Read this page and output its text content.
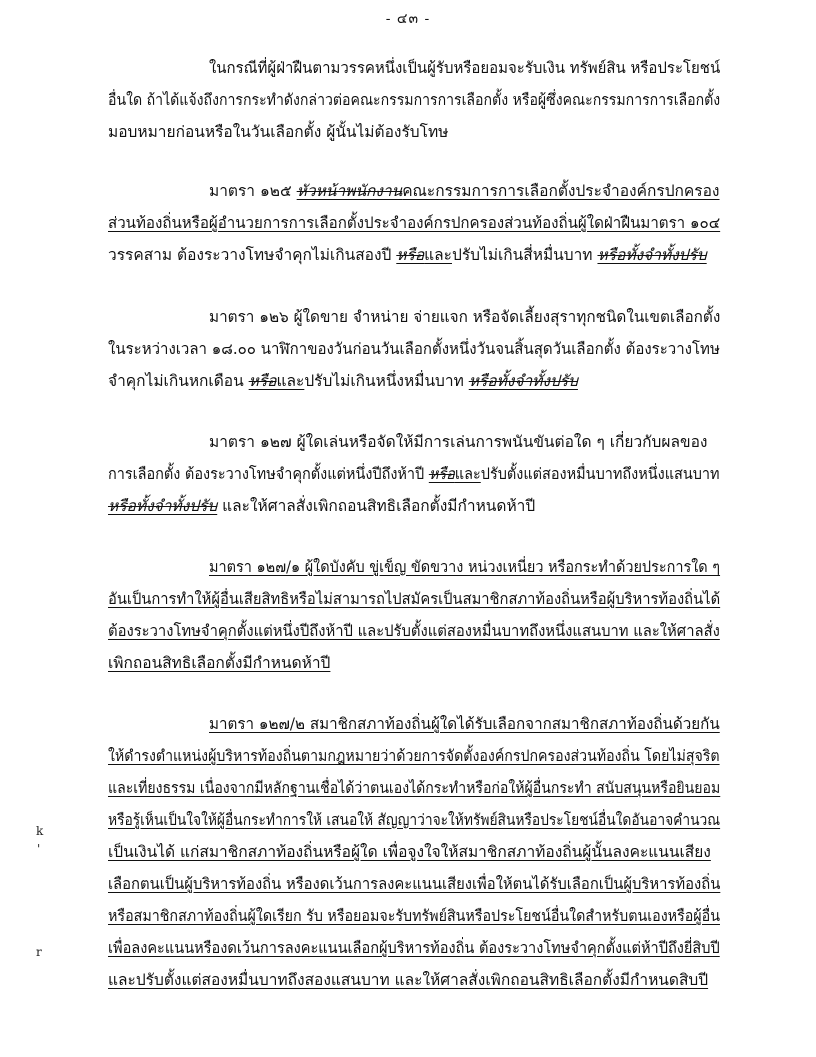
- ๔๓ -
ในกรณีที่ผู้ฝ่าฝืนตามวรรคหนึ่งเป็นผู้รับหรือยอมจะรับเงิน ทรัพย์สิน หรือประโยชน์
อื่นใด ถ้าได้แจ้งถึงการกระทำดังกล่าวต่อคณะกรรมการการเลือกตั้ง หรือผู้ซึ่งคณะกรรมการการเลือกตั้ง
มอบหมายก่อนหรือในวันเลือกตั้ง ผู้นั้นไม่ต้องรับโทษ
มาตรา ๑๒๕ หัวหน้าพนักงานคณะกรรมการการเลือกตั้งประจำองค์กรปกครอง
ส่วนท้องถิ่นหรือผู้อำนวยการการเลือกตั้งประจำองค์กรปกครองส่วนท้องถิ่นผู้ใดฝ่าฝืนมาตรา ๑๐๔
วรรคสาม ต้องระวางโทษจำคุกไม่เกินสองปี หรือและปรับไม่เกินสี่หมื่นบาท หรือทั้งจำทั้งปรับ
มาตรา ๑๒๖ ผู้ใดขาย จำหน่าย จ่ายแจก หรือจัดเลี้ยงสุราทุกชนิดในเขตเลือกตั้ง
ในระหว่างเวลา ๑๘.๐๐ นาฬิกาของวันก่อนวันเลือกตั้งหนึ่งวันจนสิ้นสุดวันเลือกตั้ง ต้องระวางโทษ
จำคุกไม่เกินหกเดือน หรือและปรับไม่เกินหนึ่งหมื่นบาท หรือทั้งจำทั้งปรับ
มาตรา ๑๒๗ ผู้ใดเล่นหรือจัดให้มีการเล่นการพนันขันต่อใด ๆ เกี่ยวกับผลของ
การเลือกตั้ง ต้องระวางโทษจำคุกตั้งแต่หนึ่งปีถึงห้าปี หรือและปรับตั้งแต่สองหมื่นบาทถึงหนึ่งแสนบาท
หรือทั้งจำทั้งปรับ และให้ศาลสั่งเพิกถอนสิทธิเลือกตั้งมีกำหนดห้าปี
มาตรา ๑๒๗/๑ ผู้ใดบังคับ ขู่เข็ญ ขัดขวาง หน่วงเหนี่ยว หรือกระทำด้วยประการใด ๆ
อันเป็นการทำให้ผู้อื่นเสียสิทธิหรือไม่สามารถไปสมัครเป็นสมาชิกสภาท้องถิ่นหรือผู้บริหารท้องถิ่นได้
ต้องระวางโทษจำคุกตั้งแต่หนึ่งปีถึงห้าปี และปรับตั้งแต่สองหมื่นบาทถึงหนึ่งแสนบาท และให้ศาลสั่ง
เพิกถอนสิทธิเลือกตั้งมีกำหนดห้าปี
มาตรา ๑๒๗/๒ สมาชิกสภาท้องถิ่นผู้ใดได้รับเลือกจากสมาชิกสภาท้องถิ่นด้วยกัน
ให้ดำรงตำแหน่งผู้บริหารท้องถิ่นตามกฎหมายว่าด้วยการจัดตั้งองค์กรปกครองส่วนท้องถิ่น โดยไม่สุจริต
และเที่ยงธรรม เนื่องจากมีหลักฐานเชื่อได้ว่าตนเองได้กระทำหรือก่อให้ผู้อื่นกระทำ สนับสนุนหรือยินยอม
หรือรู้เห็นเป็นใจให้ผู้อื่นกระทำการให้ เสนอให้ สัญญาว่าจะให้ทรัพย์สินหรือประโยชน์อื่นใดอันอาจคำนวณ
เป็นเงินได้ แก่สมาชิกสภาท้องถิ่นหรือผู้ใด เพื่อจูงใจให้สมาชิกสภาท้องถิ่นผู้นั้นลงคะแนนเสียง
เลือกตนเป็นผู้บริหารท้องถิ่น หรืองดเว้นการลงคะแนนเสียงเพื่อให้ตนได้รับเลือกเป็นผู้บริหารท้องถิ่น
หรือสมาชิกสภาท้องถิ่นผู้ใดเรียก รับ หรือยอมจะรับทรัพย์สินหรือประโยชน์อื่นใดสำหรับตนเองหรือผู้อื่น
เพื่อลงคะแนนหรืองดเว้นการลงคะแนนเลือกผู้บริหารท้องถิ่น ต้องระวางโทษจำคุกตั้งแต่ห้าปีถึงยี่สิบปี
และปรับตั้งแต่สองหมื่นบาทถึงสองแสนบาท และให้ศาลสั่งเพิกถอนสิทธิเลือกตั้งมีกำหนดสิบปี
k
'
r
